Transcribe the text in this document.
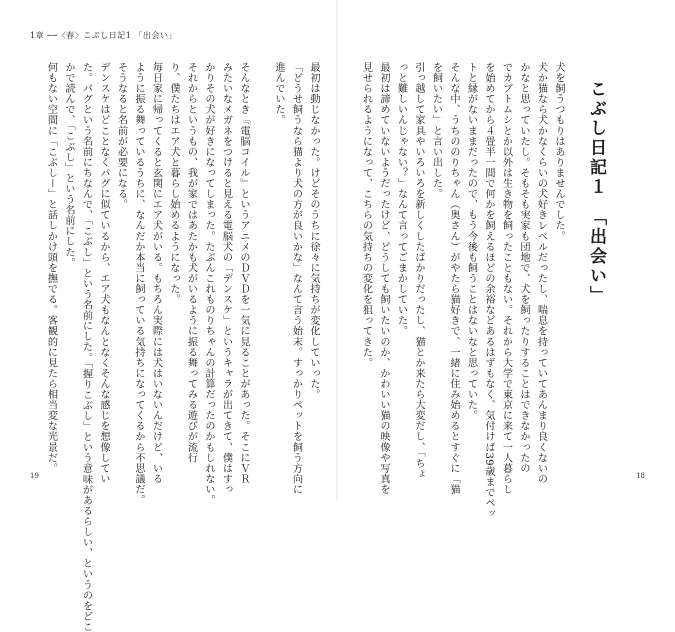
1章 ──〈春〉こぶし日記1 「出会い」

最初は動じなかった。けどそのうちに徐々に気持ちが変化していった。

「どうせ飼うなら猫より犬の方が良いかな」なんて言う始末。すっかりペットを飼う方向に

進んでいた。

そんなとき『電脳コイル』というアニメのＤＶＤを一気に見ることがあった。そこにＶＲ

みたいなメガネをつけると見える電脳犬の「デンスケ」というキャラが出てきて、僕はすっ

かりその犬が好きになってしまった。たぶんこれものりちゃんの計算だったのかもしれない。

それからというもの、我が家ではあたかも犬がいるように振る舞ってみる遊びが流行

り、僕たちはエア犬と暮らし始めるようになった。

毎日家に帰ってくると玄関にエア犬がいる。もちろん実際には犬はいないんだけど、いる

ように振る舞っているうちに、なんだか本当に飼っている気持ちになってくるから不思議だ。

そうなると名前が必要になる。

デンスケはどことなくパグに似ているから、エア犬もなんとなくそんな感じを想像してい

た。パグという名前にちなんで、「こぶし」という名前にした。「握りこぶし」という意味があるらしい、というのをどこ

かで読んで、「こぶし」という名前にした。

何もない空間に「こぶしー」と話しかけ頭を撫でる。客観的に見たら相当変な光景だ。	犬を飼うつもりはありませんでした。

犬か猫なら犬かなくらいの犬好きレベルだったし、喘息を持っていてあんまり良くないの

かなと思っていたし。そもそも実家も団地で、犬を飼ったりすることはできなかったの

でカブトムシとか以外は生き物を飼ったこともない。それから大学で東京に来て一人暮らし

を始めてから４畳半一間で何かを飼えるほどの余裕などあるはずもなく、気付けば39歳までペッ

トと縁がないままだったので、もう今後も飼うことはないなと思っていた。

そんな中、うちののりちゃん（奥さん）がやたら猫好きで、一緒に住み始めるとすぐに「猫

を飼いたい」と言い出した。

引っ越して家具やいろいろを新しくしたばかりだったし、猫とか来たら大変だし、「ちょ

っと難しいんじゃない？」なんて言ってごまかしていた。

最初は諦めていないようだったけど、どうしても飼いたいのか、かわいい猫の映像や写真を

見せられるようになって、こちらの気持ちの変化を狙ってきた。	こぶし日記１　「出会い」
19	18
